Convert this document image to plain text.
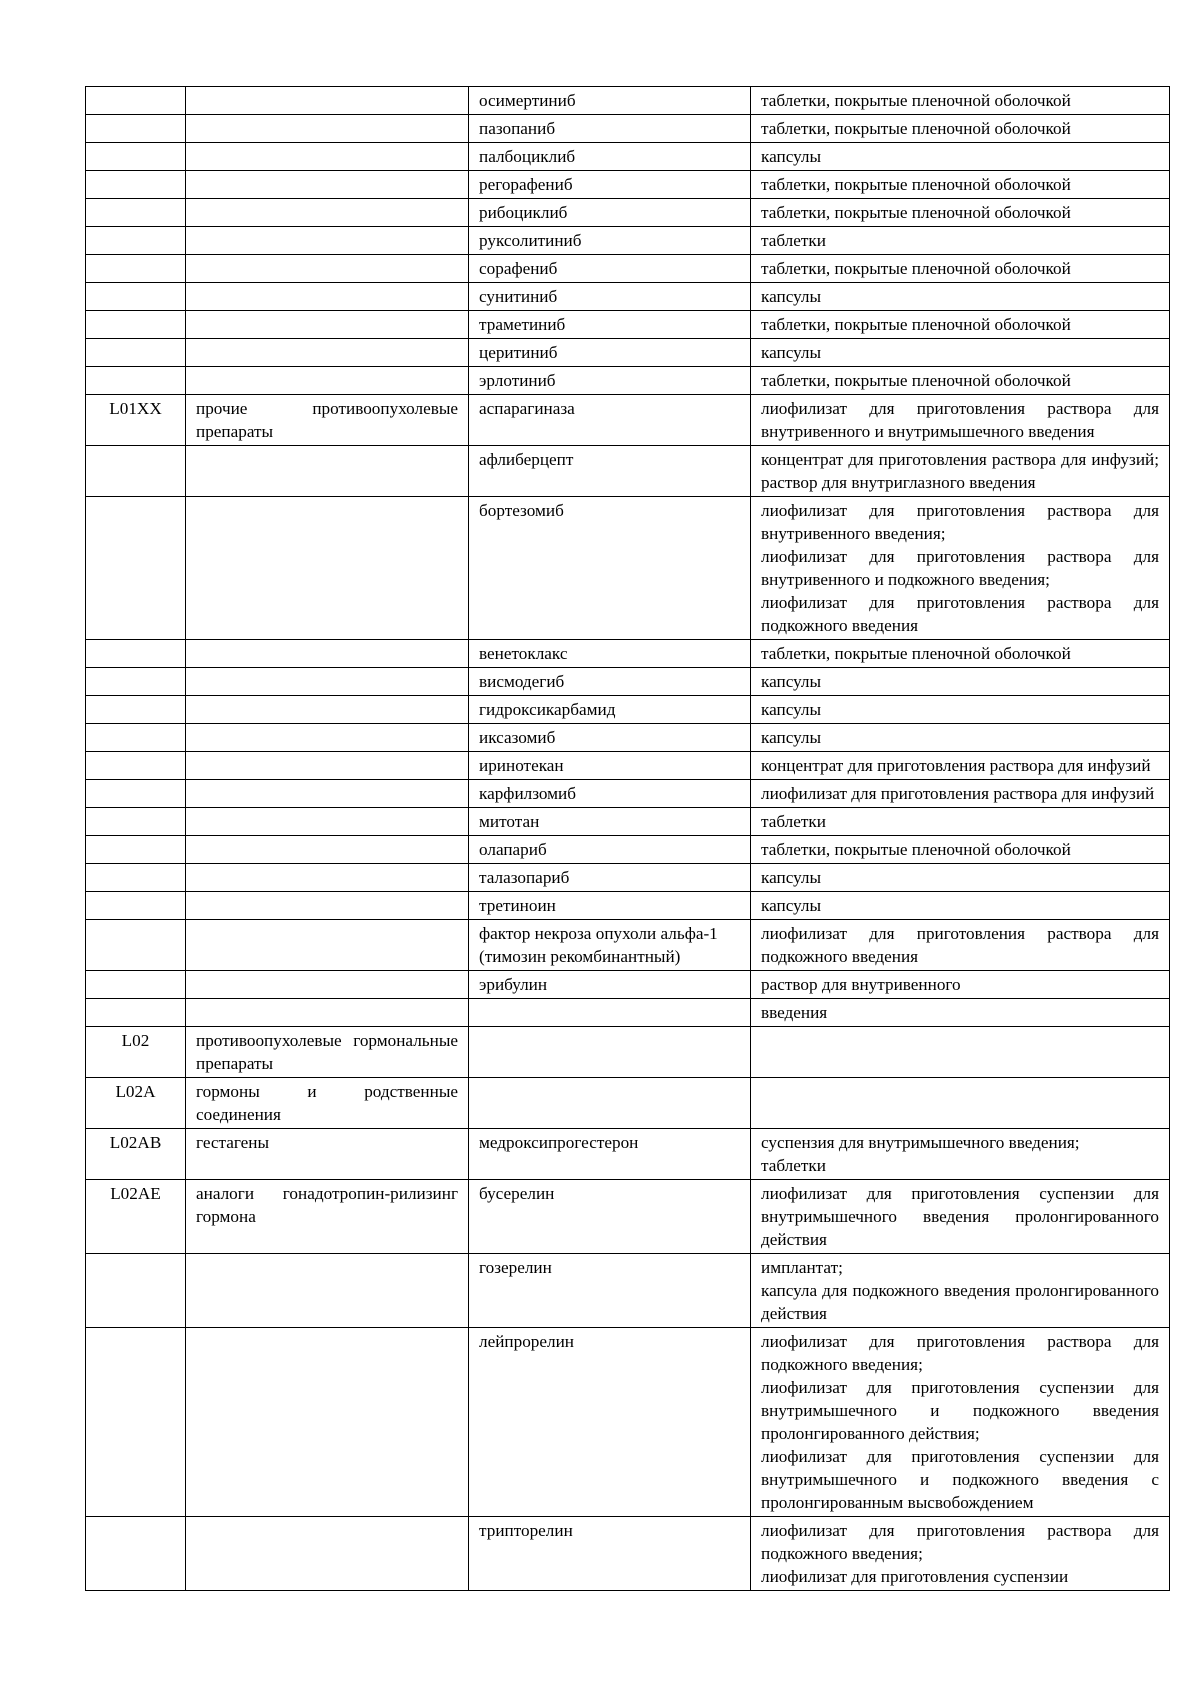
		осимертиниб	таблетки, покрытые пленочной оболочкой

		пазопаниб	таблетки, покрытые пленочной оболочкой

		палбоциклиб	капсулы

		регорафениб	таблетки, покрытые пленочной оболочкой

		рибоциклиб	таблетки, покрытые пленочной оболочкой

		руксолитиниб	таблетки

		сорафениб	таблетки, покрытые пленочной оболочкой

		сунитиниб	капсулы

		траметиниб	таблетки, покрытые пленочной оболочкой

		церитиниб	капсулы

		эрлотиниб	таблетки, покрытые пленочной оболочкой

L01XX	прочие противоопухолевые препараты	аспарагиназа	лиофилизат для приготовления раствора для внутривенного и внутримышечного введения

		афлиберцепт	концентрат для приготовления раствора для инфузий; раствор для внутриглазного введения

		бортезомиб	лиофилизат для приготовления раствора для внутривенного введения;
лиофилизат для приготовления раствора для внутривенного и подкожного введения;
лиофилизат для приготовления раствора для подкожного введения

		венетоклакс	таблетки, покрытые пленочной оболочкой

		висмодегиб	капсулы

		гидроксикарбамид	капсулы

		иксазомиб	капсулы

		иринотекан	концентрат для приготовления раствора для инфузий

		карфилзомиб	лиофилизат для приготовления раствора для инфузий

		митотан	таблетки

		олапариб	таблетки, покрытые пленочной оболочкой

		талазопариб	капсулы

		третиноин	капсулы

		фактор некроза опухоли альфа-1 (тимозин рекомбинантный)	лиофилизат для приготовления раствора для подкожного введения

		эрибулин	раствор для внутривенного

			введения

L02	противоопухолевые гормональные препараты		
L02A	гормоны и родственные соединения		
L02AB	гестагены	медроксипрогестерон	суспензия для внутримышечного введения;
таблетки

L02AE	аналоги гонадотропин-рилизинг гормона	бусерелин	лиофилизат для приготовления суспензии для внутримышечного введения пролонгированного действия

		гозерелин	имплантат;
капсула для подкожного введения пролонгированного действия

		лейпрорелин	лиофилизат для приготовления раствора для подкожного введения;
лиофилизат для приготовления суспензии для внутримышечного и подкожного введения пролонгированного действия;
лиофилизат для приготовления суспензии для внутримышечного и подкожного введения с пролонгированным высвобождением

		трипторелин	лиофилизат для приготовления раствора для подкожного введения;
лиофилизат для приготовления суспензии
